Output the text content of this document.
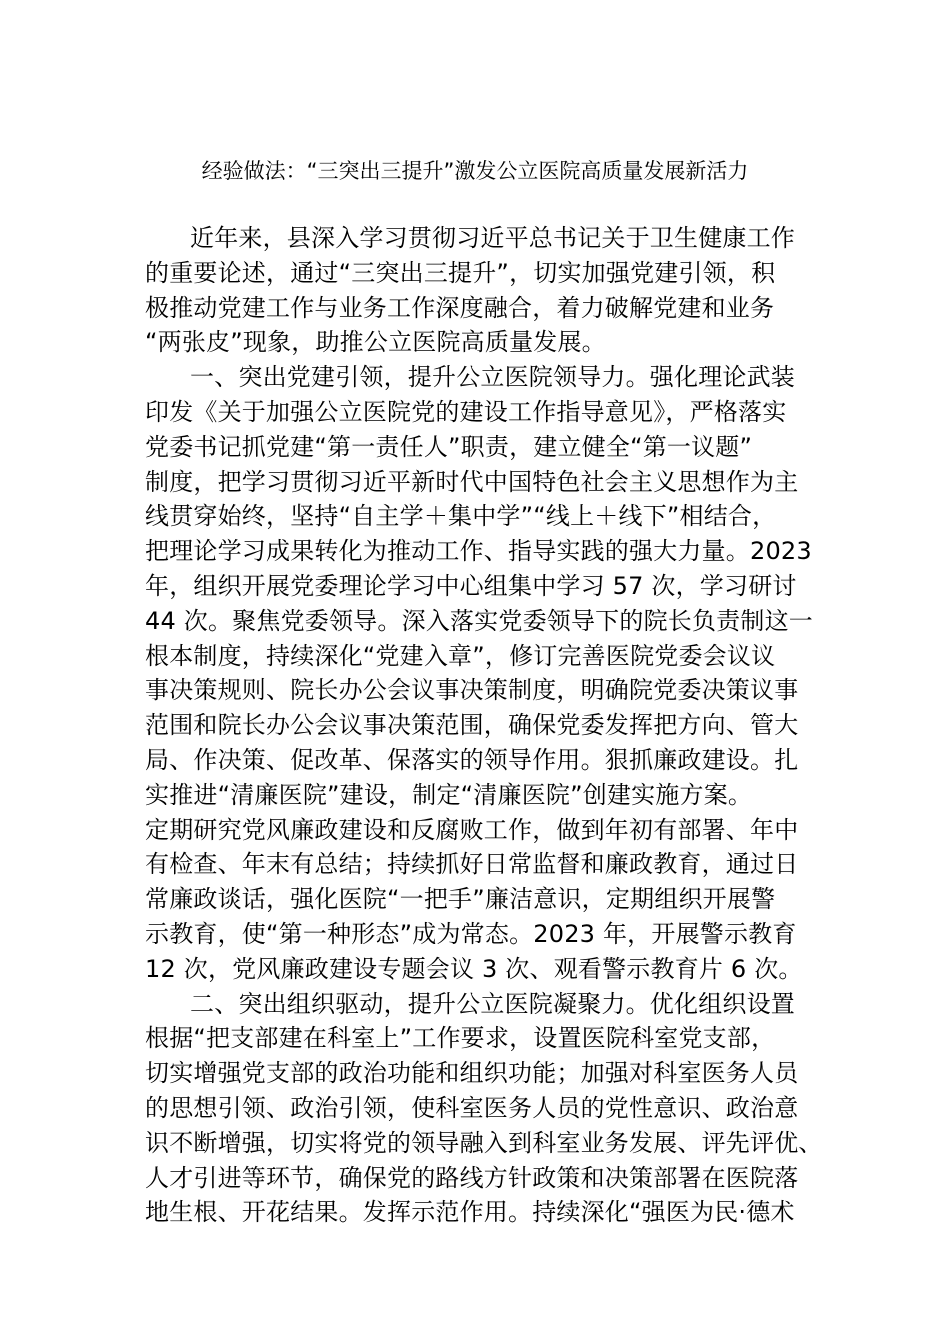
经验做法：“三突出三提升”激发公立医院高质量发展新活力
近年来，县深入学习贯彻习近平总书记关于卫生健康工作
的重要论述，通过“三突出三提升”，切实加强党建引领，积
极推动党建工作与业务工作深度融合，着力破解党建和业务
“两张皮”现象，助推公立医院高质量发展。
一、突出党建引领，提升公立医院领导力。强化理论武装
印发《关于加强公立医院党的建设工作指导意见》，严格落实
党委书记抓党建“第一责任人”职责，建立健全“第一议题”
制度，把学习贯彻习近平新时代中国特色社会主义思想作为主
线贯穿始终，坚持“自主学＋集中学”“线上＋线下”相结合，
把理论学习成果转化为推动工作、指导实践的强大力量。2023
年，组织开展党委理论学习中心组集中学习 57 次，学习研讨
44 次。聚焦党委领导。深入落实党委领导下的院长负责制这一
根本制度，持续深化“党建入章”，修订完善医院党委会议议
事决策规则、院长办公会议事决策制度，明确院党委决策议事
范围和院长办公会议事决策范围，确保党委发挥把方向、管大
局、作决策、促改革、保落实的领导作用。狠抓廉政建设。扎
实推进“清廉医院”建设，制定“清廉医院”创建实施方案。
定期研究党风廉政建设和反腐败工作，做到年初有部署、年中
有检查、年末有总结；持续抓好日常监督和廉政教育，通过日
常廉政谈话，强化医院“一把手”廉洁意识，定期组织开展警
示教育，使“第一种形态”成为常态。2023 年，开展警示教育
12 次，党风廉政建设专题会议 3 次、观看警示教育片 6 次。
二、突出组织驱动，提升公立医院凝聚力。优化组织设置
根据“把支部建在科室上”工作要求，设置医院科室党支部，
切实增强党支部的政治功能和组织功能；加强对科室医务人员
的思想引领、政治引领，使科室医务人员的党性意识、政治意
识不断增强，切实将党的领导融入到科室业务发展、评先评优、
人才引进等环节，确保党的路线方针政策和决策部署在医院落
地生根、开花结果。发挥示范作用。持续深化“强医为民·德术
